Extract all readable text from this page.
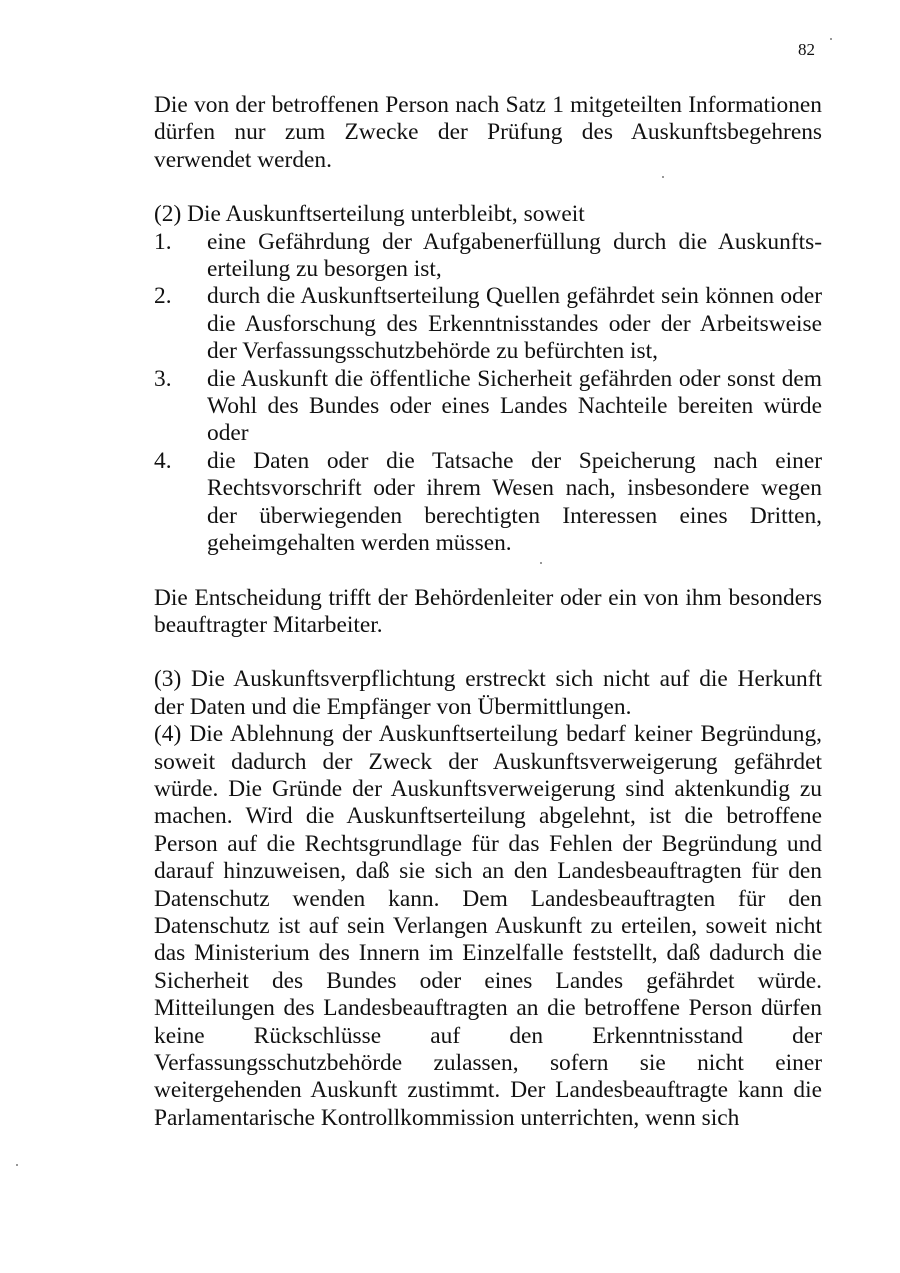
82

Die von der betroffenen Person nach Satz 1 mitgeteilten Informationen dürfen nur zum Zwecke der Prüfung des Auskunftsbegehrens verwendet werden.

(2) Die Auskunftserteilung unterbleibt, soweit

1. eine Gefährdung der Aufgabenerfüllung durch die Auskunfts- erteilung zu besorgen ist,
2. durch die Auskunftserteilung Quellen gefährdet sein können oder die Ausforschung des Erkenntnisstandes oder der Arbeitsweise der Verfassungsschutzbehörde zu befürchten ist,
3. die Auskunft die öffentliche Sicherheit gefährden oder sonst dem Wohl des Bundes oder eines Landes Nachteile bereiten würde oder
4. die Daten oder die Tatsache der Speicherung nach einer Rechtsvorschrift oder ihrem Wesen nach, insbesondere wegen der überwiegenden berechtigten Interessen eines Dritten, geheimgehalten werden müssen.

Die Entscheidung trifft der Behördenleiter oder ein von ihm besonders beauftragter Mitarbeiter.

(3) Die Auskunftsverpflichtung erstreckt sich nicht auf die Herkunft der Daten und die Empfänger von Übermittlungen.

(4) Die Ablehnung der Auskunftserteilung bedarf keiner Begründung, soweit dadurch der Zweck der Auskunftsverweigerung gefährdet würde. Die Gründe der Auskunftsverweigerung sind aktenkundig zu machen. Wird die Auskunftserteilung abgelehnt, ist die betroffene Person auf die Rechtsgrundlage für das Fehlen der Begründung und darauf hinzuweisen, daß sie sich an den Landesbeauftragten für den Datenschutz wenden kann. Dem Landesbeauftragten für den Datenschutz ist auf sein Verlangen Auskunft zu erteilen, soweit nicht das Ministerium des Innern im Einzelfalle feststellt, daß dadurch die Sicherheit des Bundes oder eines Landes gefährdet würde. Mitteilungen des Landesbeauftragten an die betroffene Person dürfen keine Rückschlüsse auf den Erkenntnisstand der Verfassungsschutzbehörde zulassen, sofern sie nicht einer weitergehenden Auskunft zustimmt. Der Landesbeauftragte kann die Parlamentarische Kontrollkommission unterrichten, wenn sich
